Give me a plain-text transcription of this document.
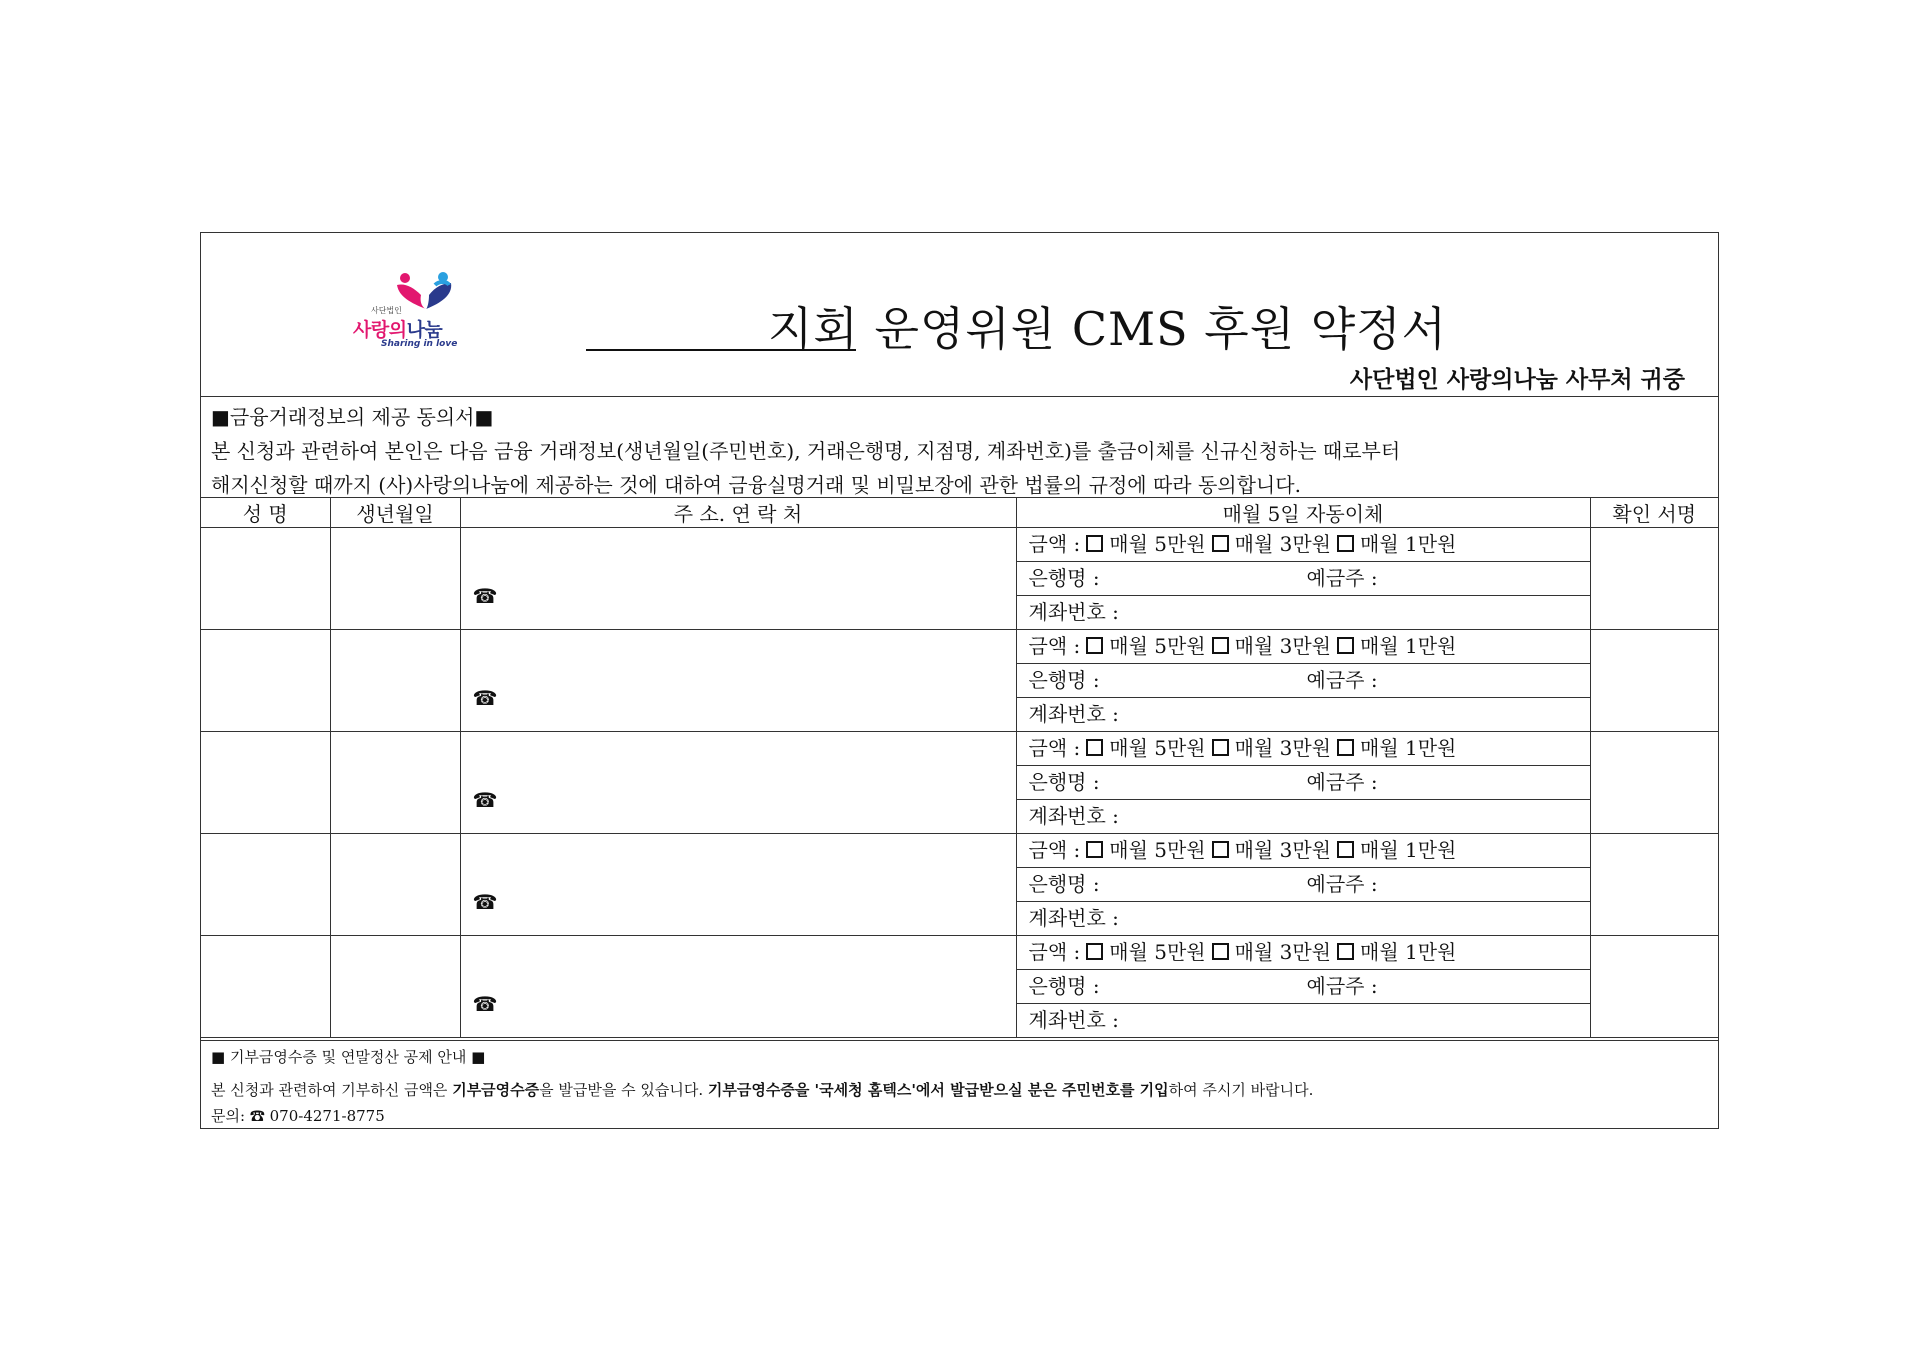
사단법인
사랑의나눔
Sharing in love	지회 운영위원 CMS 후원 약정서
사단법인 사랑의나눔 사무처 귀중
■금융거래정보의 제공 동의서■
본 신청과 관련하여 본인은 다음 금융 거래정보(생년월일(주민번호), 거래은행명, 지점명, 계좌번호)를 출금이체를 신규신청하는 때로부터
해지신청할 때까지 (사)사랑의나눔에 제공하는 것에 대하여 금융실명거래 및 비밀보장에 관한 법률의 규정에 따라 동의합니다.
성 명	생년월일	주 소. 연 락 처	매월 5일 자동이체	확인 서명

		☎	금액 : 매월 5만원 매월 3만원 매월 1만원
은행명 : 예금주 :
계좌번호 :	

		☎	금액 : 매월 5만원 매월 3만원 매월 1만원
은행명 : 예금주 :
계좌번호 :	

		☎	금액 : 매월 5만원 매월 3만원 매월 1만원
은행명 : 예금주 :
계좌번호 :	

		☎	금액 : 매월 5만원 매월 3만원 매월 1만원
은행명 : 예금주 :
계좌번호 :	

		☎	금액 : 매월 5만원 매월 3만원 매월 1만원
은행명 : 예금주 :
계좌번호 :	

■ 기부금영수증 및 연말정산 공제 안내 ■
본 신청과 관련하여 기부하신 금액은 기부금영수증을 발급받을 수 있습니다. 기부금영수증을 '국세청 홈텍스'에서 발급받으실 분은 주민번호를 기입하여 주시기 바랍니다.
문의: ☎ 070-4271-8775
